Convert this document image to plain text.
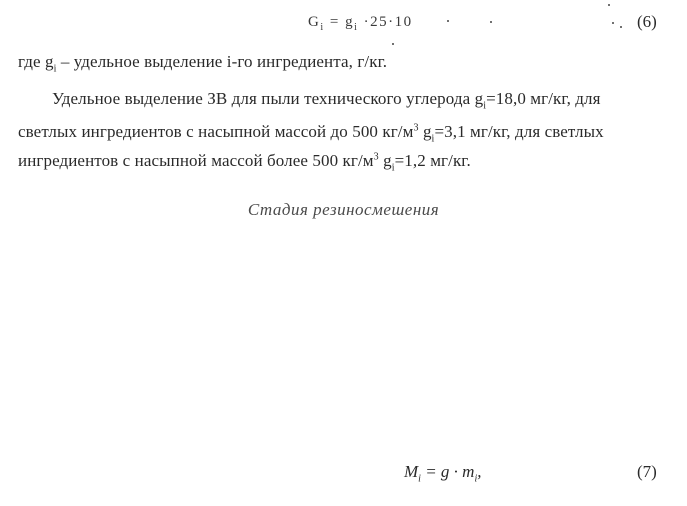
$G_i = g_i \cdot 25\cdot 10$	(6)
где $g_i$ – удельное выделение i-го ингредиента, г/кг.
Удельное выделение ЗВ для пыли технического углерода $g_i=18,0$ мг/кг, для
светлых ингредиентов с насыпной массой до 500 $кг/м^3$ $g_i=3,1$ мг/кг, для светлых
ингредиентов с насыпной массой более 500 $кг/м^3$ $g_i=1,2$ мг/кг.
Стадия резиносмешения
$M_i = g \cdot m_i$,	(7)
